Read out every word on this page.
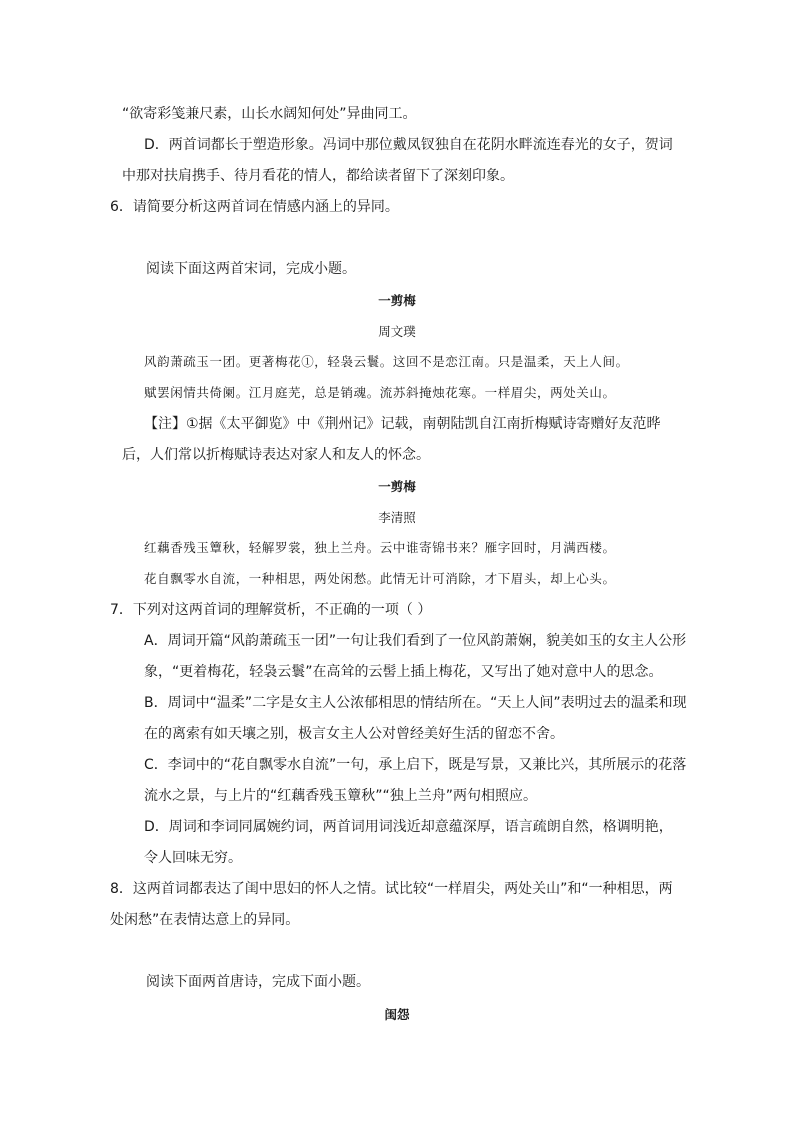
“欲寄彩笺兼尺素，山长水阔知何处”异曲同工。
D．两首词都长于塑造形象。冯词中那位戴凤钗独自在花阴水畔流连春光的女子，贺词
中那对扶肩携手、待月看花的情人，都给读者留下了深刻印象。
6．请简要分析这两首词在情感内涵上的异同。
阅读下面这两首宋词，完成小题。
一剪梅
周文璞
风韵萧疏玉一团。更著梅花①，轻袅云鬟。这回不是恋江南。只是温柔，天上人间。
赋罢闲情共倚阑。江月庭芜，总是销魂。流苏斜掩烛花寒。一样眉尖，两处关山。
【注】①据《太平御览》中《荆州记》记载，南朝陆凯自江南折梅赋诗寄赠好友范晔
后，人们常以折梅赋诗表达对家人和友人的怀念。
一剪梅
李清照
红藕香残玉簟秋，轻解罗裳，独上兰舟。云中谁寄锦书来？雁字回时，月满西楼。
花自飘零水自流，一种相思，两处闲愁。此情无计可消除，才下眉头，却上心头。
7．下列对这两首词的理解赏析，不正确的一项（ ）
A．周词开篇“风韵萧疏玉一团”一句让我们看到了一位风韵萧娴，貌美如玉的女主人公形
象，“更着梅花，轻袅云鬟”在高耸的云髻上插上梅花，又写出了她对意中人的思念。
B．周词中“温柔”二字是女主人公浓郁相思的情结所在。“天上人间”表明过去的温柔和现
在的离索有如天壤之别，极言女主人公对曾经美好生活的留恋不舍。
C．李词中的“花自飘零水自流”一句，承上启下，既是写景，又兼比兴，其所展示的花落
流水之景，与上片的“红藕香残玉簟秋”“独上兰舟”两句相照应。
D．周词和李词同属婉约词，两首词用词浅近却意蕴深厚，语言疏朗自然，格调明艳，
令人回味无穷。
8．这两首词都表达了闺中思妇的怀人之情。试比较“一样眉尖，两处关山”和“一种相思，两
处闲愁”在表情达意上的异同。
阅读下面两首唐诗，完成下面小题。
闺怨
